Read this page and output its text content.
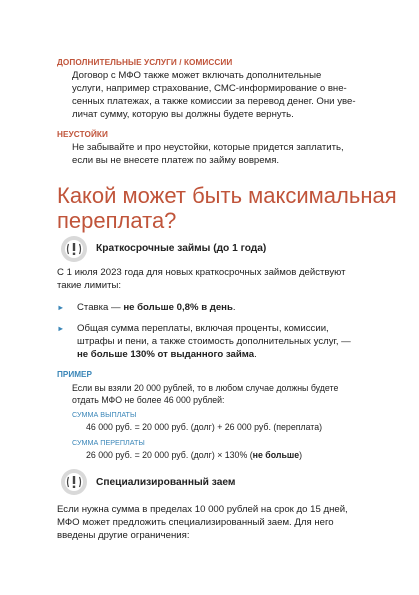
ДОПОЛНИТЕЛЬНЫЕ УСЛУГИ / КОМИССИИ
Договор с МФО также может включать дополнительные
услуги, например страхование, СМС-информирование о вне-
сенных платежах, а также комиссии за перевод денег. Они уве-
личат сумму, которую вы должны будете вернуть.
НЕУСТОЙКИ
Не забывайте и про неустойки, которые придется заплатить,
если вы не внесете платеж по займу вовремя.
Какой может быть максимальная
переплата?
Краткосрочные займы (до 1 года)
С 1 июля 2023 года для новых краткосрочных займов действуют
такие лимиты:
► Ставка — не больше 0,8% в день.
► Общая сумма переплаты, включая проценты, комиссии,
штрафы и пени, а также стоимость дополнительных услуг, —
не больше 130% от выданного займа.
ПРИМЕР
Если вы взяли 20 000 рублей, то в любом случае должны будете
отдать МФО не более 46 000 рублей:
СУММА ВЫПЛАТЫ
46 000 руб. = 20 000 руб. (долг) + 26 000 руб. (переплата)
СУММА ПЕРЕПЛАТЫ
26 000 руб. = 20 000 руб. (долг) × 130% (не больше)
Специализированный заем
Если нужна сумма в пределах 10 000 рублей на срок до 15 дней,
МФО может предложить специализированный заем. Для него
введены другие ограничения:
